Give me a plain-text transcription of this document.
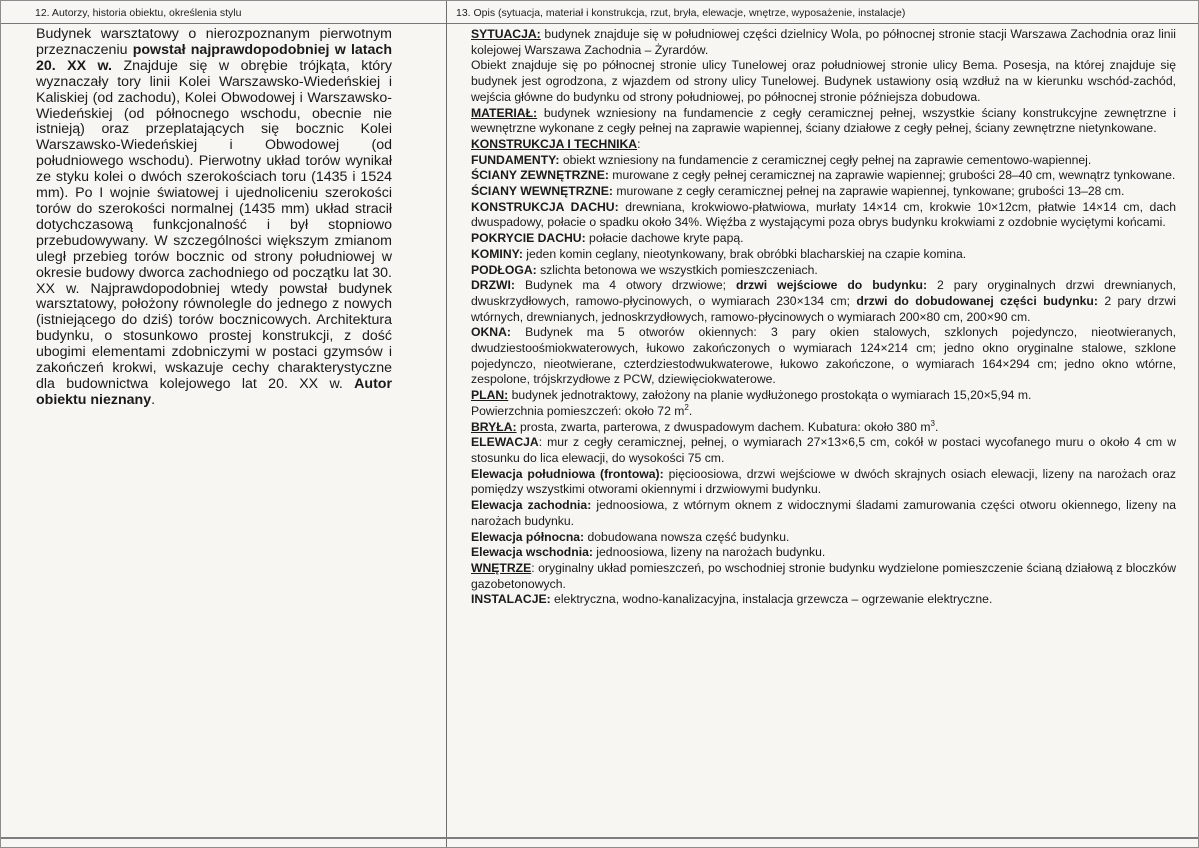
12. Autorzy, historia obiektu, określenia stylu	13. Opis (sytuacja, materiał i konstrukcja, rzut, bryła, elewacje, wnętrze, wyposażenie, instalacje)

Budynek warsztatowy o nierozpoznanym pierwotnym przeznaczeniu powstał najprawdopodobniej w latach 20. XX w. Znajduje się w obrębie trójkąta, który wyznaczały tory linii Kolei Warszawsko-Wiedeńskiej i Kaliskiej (od zachodu), Kolei Obwodowej i Warszawsko-Wiedeńskiej (od północnego wschodu, obecnie nie istnieją) oraz przeplatających się bocznic Kolei Warszawsko-Wiedeńskiej i Obwodowej (od południowego wschodu). Pierwotny układ torów wynikał ze styku kolei o dwóch szerokościach toru (1435 i 1524 mm). Po I wojnie światowej i ujednoliceniu szerokości torów do szerokości normalnej (1435 mm) układ stracił dotychczasową funkcjonalność i był stopniowo przebudowywany. W szczególności większym zmianom uległ przebieg torów bocznic od strony południowej w okresie budowy dworca zachodniego od początku lat 30. XX w. Najprawdopodobniej wtedy powstał budynek warsztatowy, położony równolegle do jednego z nowych (istniejącego do dziś) torów bocznicowych. Architektura budynku, o stosunkowo prostej konstrukcji, z dość ubogimi elementami zdobniczymi w postaci gzymsów i zakończeń krokwi, wskazuje cechy charakterystyczne dla budownictwa kolejowego lat 20. XX w. Autor obiektu nieznany.

SYTUACJA: budynek znajduje się w południowej części dzielnicy Wola, po północnej stronie stacji Warszawa Zachodnia oraz linii kolejowej Warszawa Zachodnia – Żyrardów.

Obiekt znajduje się po północnej stronie ulicy Tunelowej oraz południowej stronie ulicy Bema. Posesja, na której znajduje się budynek jest ogrodzona, z wjazdem od strony ulicy Tunelowej. Budynek ustawiony osią wzdłuż na w kierunku wschód-zachód, wejścia główne do budynku od strony południowej, po północnej stronie późniejsza dobudowa.

MATERIAŁ: budynek wzniesiony na fundamencie z cegły ceramicznej pełnej, wszystkie ściany konstrukcyjne zewnętrzne i wewnętrzne wykonane z cegły pełnej na zaprawie wapiennej, ściany działowe z cegły pełnej, ściany zewnętrzne nietynkowane.

KONSTRUKCJA I TECHNIKA:

FUNDAMENTY: obiekt wzniesiony na fundamencie z ceramicznej cegły pełnej na zaprawie cementowo-wapiennej.

ŚCIANY ZEWNĘTRZNE: murowane z cegły pełnej ceramicznej na zaprawie wapiennej; grubości 28–40 cm, wewnątrz tynkowane.

ŚCIANY WEWNĘTRZNE: murowane z cegły ceramicznej pełnej na zaprawie wapiennej, tynkowane; grubości 13–28 cm.

KONSTRUKCJA DACHU: drewniana, krokwiowo-płatwiowa, murłaty 14×14 cm, krokwie 10×12cm, płatwie 14×14 cm, dach dwuspadowy, połacie o spadku około 34%. Więźba z wystającymi poza obrys budynku krokwiami z ozdobnie wyciętymi końcami.

POKRYCIE DACHU: połacie dachowe kryte papą.

KOMINY: jeden komin ceglany, nieotynkowany, brak obróbki blacharskiej na czapie komina.

PODŁOGA: szlichta betonowa we wszystkich pomieszczeniach.

DRZWI: Budynek ma 4 otwory drzwiowe; drzwi wejściowe do budynku: 2 pary oryginalnych drzwi drewnianych, dwuskrzydłowych, ramowo-płycinowych, o wymiarach 230×134 cm; drzwi do dobudowanej części budynku: 2 pary drzwi wtórnych, drewnianych, jednoskrzydłowych, ramowo-płycinowych o wymiarach 200×80 cm, 200×90 cm.

OKNA: Budynek ma 5 otworów okiennych: 3 pary okien stalowych, szklonych pojedynczo, nieotwieranych, dwudziestoośmiokwaterowych, łukowo zakończonych o wymiarach 124×214 cm; jedno okno oryginalne stalowe, szklone pojedynczo, nieotwierane, czterdziestodwukwaterowe, łukowo zakończone, o wymiarach 164×294 cm; jedno okno wtórne, zespolone, trójskrzydłowe z PCW, dziewięciokwaterowe.

PLAN: budynek jednotraktowy, założony na planie wydłużonego prostokąta o wymiarach 15,20×5,94 m.

Powierzchnia pomieszczeń: około 72 $m^2$.

BRYŁA: prosta, zwarta, parterowa, z dwuspadowym dachem. Kubatura: około 380 $m^3$.

ELEWACJA: mur z cegły ceramicznej, pełnej, o wymiarach 27×13×6,5 cm, cokół w postaci wycofanego muru o około 4 cm w stosunku do lica elewacji, do wysokości 75 cm.

Elewacja południowa (frontowa): pięcioosiowa, drzwi wejściowe w dwóch skrajnych osiach elewacji, lizeny na narożach oraz pomiędzy wszystkimi otworami okiennymi i drzwiowymi budynku.

Elewacja zachodnia: jednoosiowa, z wtórnym oknem z widocznymi śladami zamurowania części otworu okiennego, lizeny na narożach budynku.

Elewacja północna: dobudowana nowsza część budynku.

Elewacja wschodnia: jednoosiowa, lizeny na narożach budynku.

WNĘTRZE: oryginalny układ pomieszczeń, po wschodniej stronie budynku wydzielone pomieszczenie ścianą działową z bloczków gazobetonowych.

INSTALACJE: elektryczna, wodno-kanalizacyjna, instalacja grzewcza – ogrzewanie elektryczne.
